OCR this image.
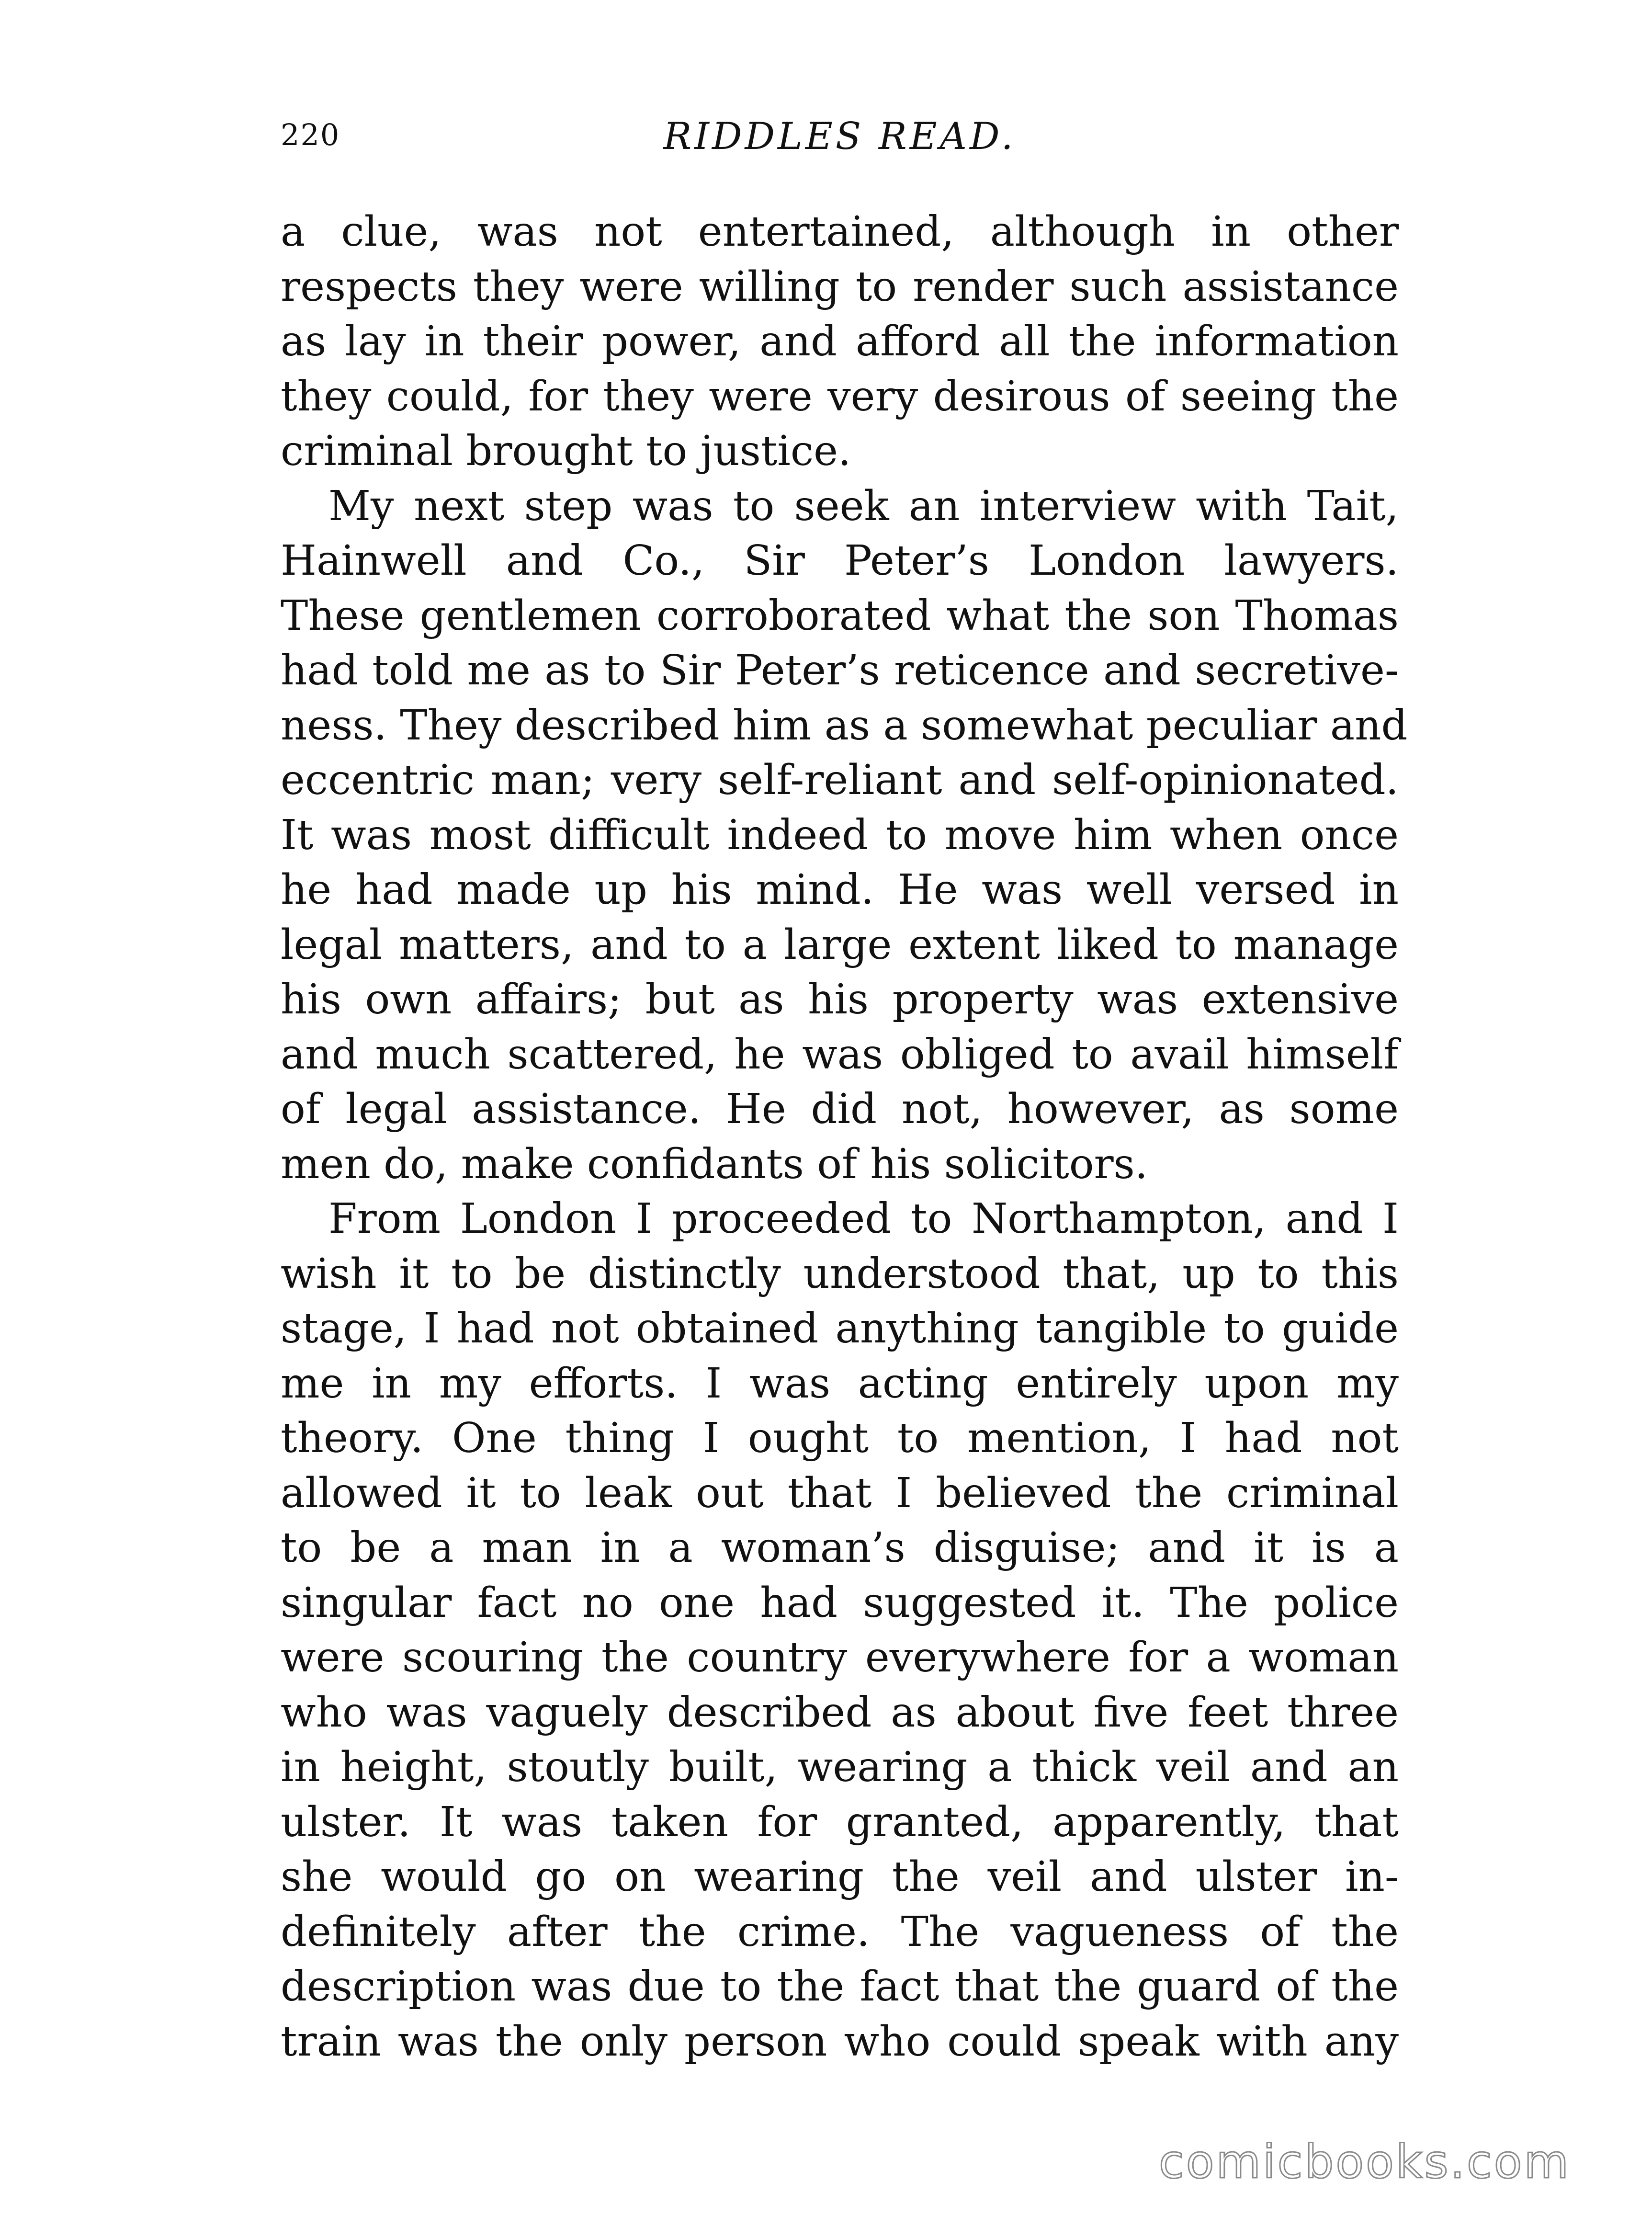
220	RIDDLES READ.
a clue, was not entertained, although in other
respects they were willing to render such assistance
as lay in their power, and afford all the information
they could, for they were very desirous of seeing the
criminal brought to justice.
My next step was to seek an interview with Tait,
Hainwell and Co., Sir Peter’s London lawyers.
These gentlemen corroborated what the son Thomas
had told me as to Sir Peter’s reticence and secretive-
ness. They described him as a somewhat peculiar and
eccentric man; very self-reliant and self-opinionated.
It was most difficult indeed to move him when once
he had made up his mind. He was well versed in
legal matters, and to a large extent liked to manage
his own affairs; but as his property was extensive
and much scattered, he was obliged to avail himself
of legal assistance. He did not, however, as some
men do, make confidants of his solicitors.
From London I proceeded to Northampton, and I
wish it to be distinctly understood that, up to this
stage, I had not obtained anything tangible to guide
me in my efforts. I was acting entirely upon my
theory. One thing I ought to mention, I had not
allowed it to leak out that I believed the criminal
to be a man in a woman’s disguise; and it is a
singular fact no one had suggested it. The police
were scouring the country everywhere for a woman
who was vaguely described as about five feet three
in height, stoutly built, wearing a thick veil and an
ulster. It was taken for granted, apparently, that
she would go on wearing the veil and ulster in-
definitely after the crime. The vagueness of the
description was due to the fact that the guard of the
train was the only person who could speak with any
comicbooks.com
